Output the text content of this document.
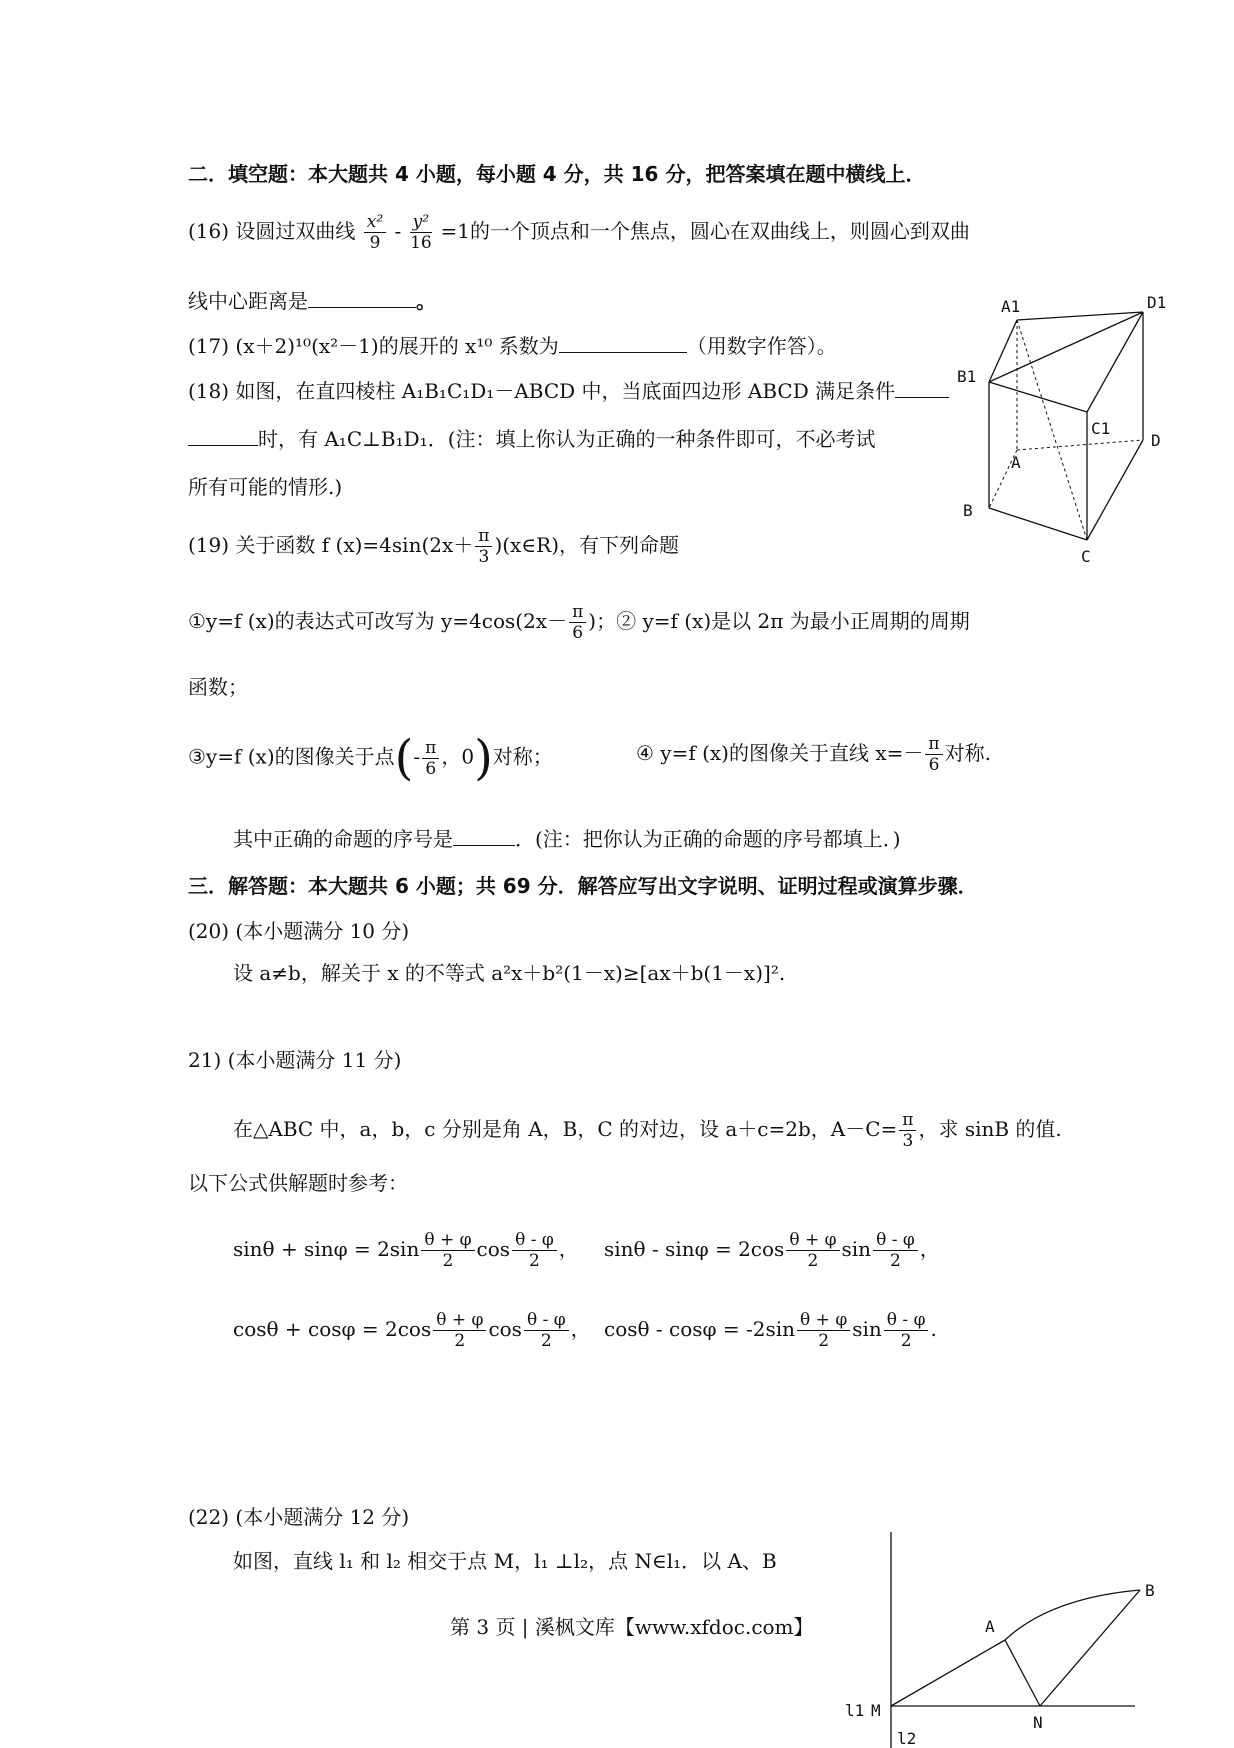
二．填空题：本大题共 4 小题，每小题 4 分，共 16 分，把答案填在题中横线上．
(16) 设圆过双曲线 $\frac{\text{x²}}{9} - \frac{\text{y²}}{16} =1$的一个顶点和一个焦点，圆心在双曲线上，则圆心到双曲
线中心距离是	。
(17) (x＋2)¹⁰(x²－1)的展开的 x¹⁰ 系数为	（用数字作答）。
(18) 如图，在直四棱柱 A₁B₁C₁D₁－ABCD 中，当底面四边形 ABCD 满足条件
时，有 A₁C⊥B₁D₁．(注：填上你认为正确的一种条件即可，不必考试
所有可能的情形.)
A1	D1
B1
C1
A
D
B
C
(19) 关于函数 f $(x)=4\sin(2x+ \frac{\pi}{3}$ )(x∈R)，有下列命题
①y=f (x)的表达式可改写为 $y=4\cos(2x- \frac{\pi}{6}$ )；② y=f (x)是以 2π 为最小正周期的周期
函数；
③y=f (x)的图像关于点(- $\frac{\pi}{6}$ ，0)对称；	④ y=f (x)的图像关于直线 $x=- \frac{\pi}{6}$ 对称.
其中正确的命题的序号是	．(注：把你认为正确的命题的序号都填上．)
三．解答题：本大题共 6 小题；共 69 分．解答应写出文字说明、证明过程或演算步骤．
(20) (本小题满分 10 分)
设 a≠b，解关于 x 的不等式 a²x＋b²(1－x)≥[ax＋b(1－x)]².
21) (本小题满分 11 分)
在△ABC 中，a，b，c 分别是角 A，B，C 的对边，设 a＋c=2b，$A-C= \frac{\pi}{3}$ ，求 sinB 的值.
以下公式供解题时参考：
$\sin\theta + \sin\varphi = 2\sin \frac{\theta + \varphi}{2}$ $\cos \frac{\theta - \varphi}{2}$ ， $\sin\theta - \sin\varphi = 2\cos \frac{\theta + \varphi}{2}$ $\sin \frac{\theta - \varphi}{2}$ ，
$\cos\theta + \cos\varphi = 2\cos \frac{\theta + \varphi}{2}$ $\cos \frac{\theta - \varphi}{2}$ ， $\cos\theta - \cos\varphi = -2\sin \frac{\theta + \varphi}{2}$ $\sin \frac{\theta - \varphi}{2}$ .
(22) (本小题满分 12 分)
如图，直线 l₁ 和 l₂ 相交于点 M，l₁ ⊥l₂，点 N∈l₁．以 A、B
第 3 页 | 溪枫文库【www.xfdoc.com】	A
B
l1 M
N
l2
